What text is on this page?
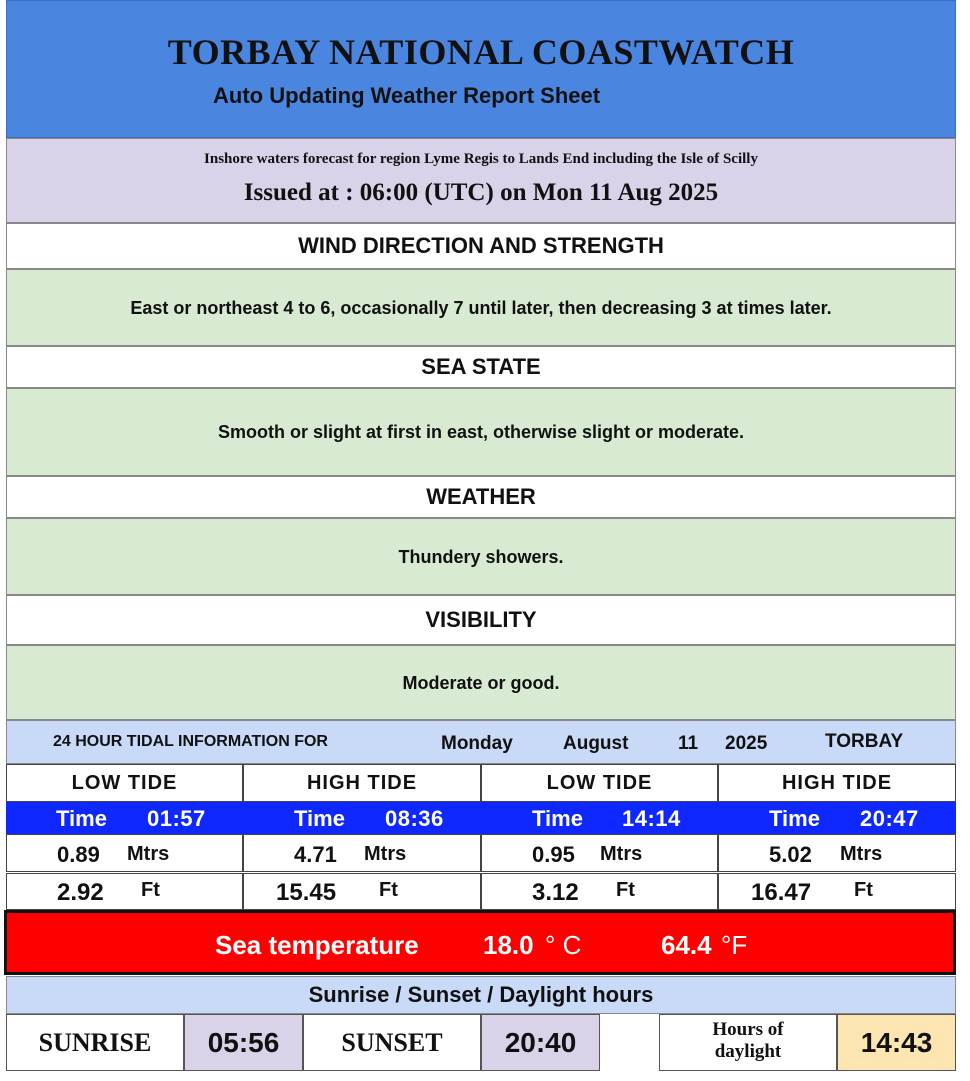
TORBAY NATIONAL COASTWATCH
Auto Updating Weather Report Sheet
Inshore waters forecast for region Lyme Regis to Lands End including the Isle of Scilly
Issued at : 06:00 (UTC) on Mon 11 Aug 2025
WIND DIRECTION AND STRENGTH
East or northeast 4 to 6, occasionally 7 until later, then decreasing 3 at times later.
SEA STATE
Smooth or slight at first in east, otherwise slight or moderate.
WEATHER
Thundery showers.
VISIBILITY
Moderate or good.
24 HOUR TIDAL INFORMATION FOR	Monday	August	11 2025	TORBAY
LOW TIDE	HIGH TIDE	LOW TIDE	HIGH TIDE
Time 01:57	Time 08:36	Time 14:14	Time 20:47
0.89 Mtrs	4.71 Mtrs	0.95 Mtrs	5.02 Mtrs
2.92 Ft	15.45 Ft	3.12 Ft	16.47 Ft
Sea temperature 18.0 ° C	64.4 °F
Sunrise / Sunset / Daylight hours
SUNRISE	05:56	SUNSET	20:40	Hours of
daylight	14:43
